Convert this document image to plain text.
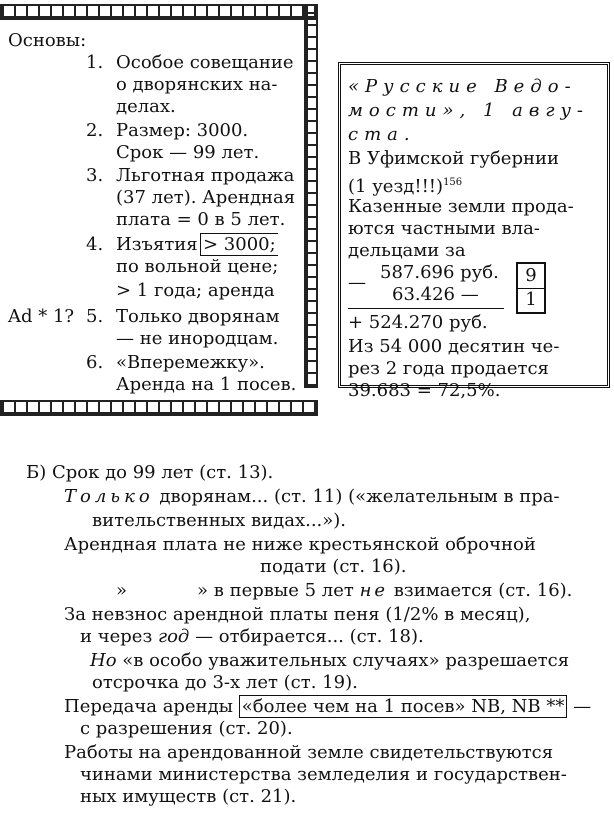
Основы:
1. Особое совещание
о дворянских на-
делах.
2. Размер: 3000.
Срок — 99 лет.
3. Льготная продажа
(37 лет). Арендная
плата = 0 в 5 лет.
4. Изъятия > 3000;
по вольной цене;
> 1 года; аренда
Ad * 1? 5. Только дворянам
— не инородцам.
6. «Вперемежку».
Аренда на 1 посев.
«Русские Ведо-
мости», 1 авгу-
ста.
В Уфимской губернии
(1 уезд!!!)$^{156}$
Казенные земли прода-
ются частными вла-
дельцами за
— 587.696 руб.
63.426 —
+ 524.270 руб.
9
1
Из 54 000 десятин че-
рез 2 года продается
39.683 = 72,5%.
Б) Срок до 99 лет (ст. 13).
Только дворянам... (ст. 11) («желательным в пра-
вительственных видах...»).
Арендная плата не ниже крестьянской оброчной
подати (ст. 16).
»	» в первые 5 лет не взимается (ст. 16).
За невзнос арендной платы пеня (1/2% в месяц),
и через год — отбирается... (ст. 18).
Но «в особо уважительных случаях» разрешается
отсрочка до 3-х лет (ст. 19).
Передача аренды «более чем на 1 посев» NB, NB ** —
с разрешения (ст. 20).
Работы на арендованной земле свидетельствуются
чинами министерства земледелия и государствен-
ных имуществ (ст. 21).
